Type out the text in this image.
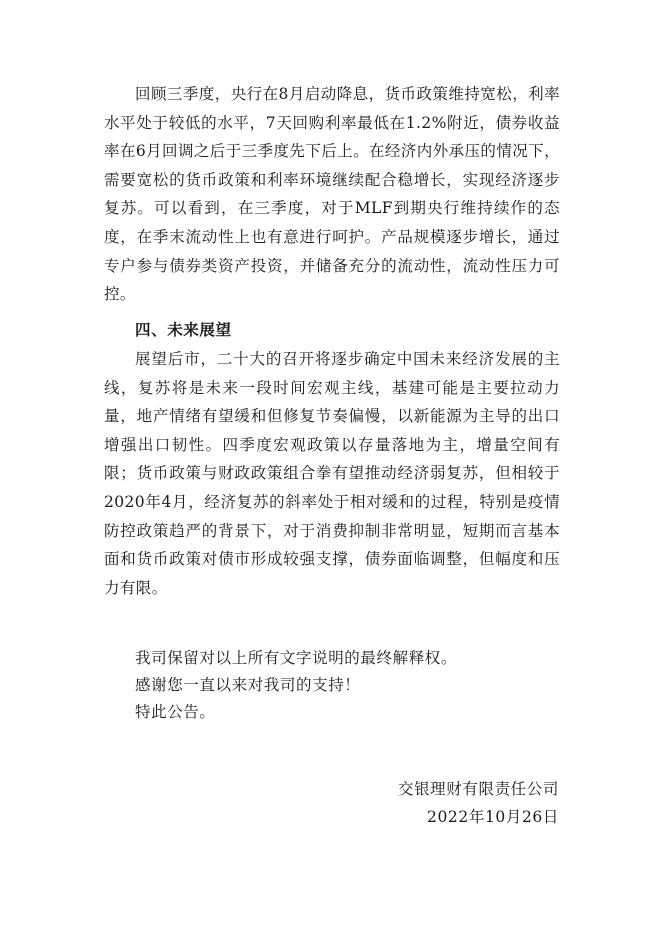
回顾三季度，央行在8月启动降息，货币政策维持宽松，利率水平处于较低的水平，7天回购利率最低在1.2%附近，债券收益率在6月回调之后于三季度先下后上。在经济内外承压的情况下，需要宽松的货币政策和利率环境继续配合稳增长，实现经济逐步复苏。可以看到，在三季度，对于MLF到期央行维持续作的态度，在季末流动性上也有意进行呵护。产品规模逐步增长，通过专户参与债券类资产投资，并储备充分的流动性，流动性压力可控。

四、未来展望

展望后市，二十大的召开将逐步确定中国未来经济发展的主线，复苏将是未来一段时间宏观主线，基建可能是主要拉动力量，地产情绪有望缓和但修复节奏偏慢，以新能源为主导的出口增强出口韧性。四季度宏观政策以存量落地为主，增量空间有限；货币政策与财政政策组合拳有望推动经济弱复苏，但相较于2020年4月，经济复苏的斜率处于相对缓和的过程，特别是疫情防控政策趋严的背景下，对于消费抑制非常明显，短期而言基本面和货币政策对债市形成较强支撑，债券面临调整，但幅度和压力有限。

我司保留对以上所有文字说明的最终解释权。

感谢您一直以来对我司的支持！

特此公告。

交银理财有限责任公司

2022年10月26日
